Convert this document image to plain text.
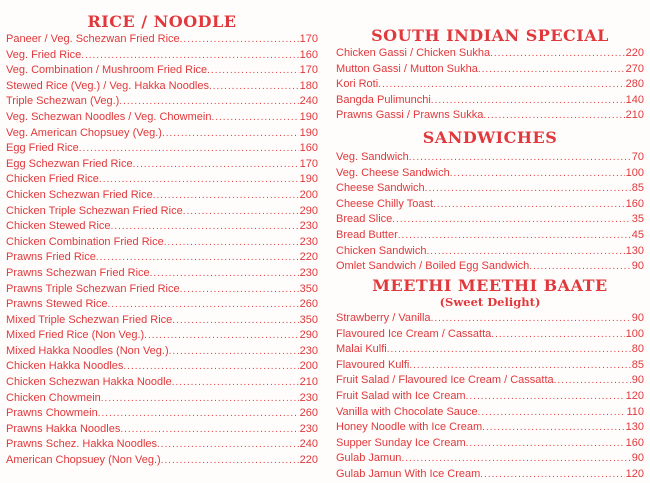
RICE / NOODLE
Paneer / Veg. Schezwan Fried Rice .....	170
Veg. Fried Rice .....	160
Veg. Combination / Mushroom Fried Rice .....	170
Stewed Rice (Veg.) / Veg. Hakka Noodles .....	180
Triple Schezwan (Veg.) .....	240
Veg. Schezwan Noodles / Veg. Chowmein .....	190
Veg. American Chopsuey (Veg.) .....	190
Egg Fried Rice .....	160
Egg Schezwan Fried Rice .....	170
Chicken Fried Rice .....	190
Chicken Schezwan Fried Rice .....	200
Chicken Triple Schezwan Fried Rice .....	290
Chicken Stewed Rice .....	230
Chicken Combination Fried Rice .....	230
Prawns Fried Rice .....	220
Prawns Schezwan Fried Rice .....	230
Prawns Triple Schezwan Fried Rice .....	350
Prawns Stewed Rice .....	260
Mixed Triple Schezwan Fried Rice .....	350
Mixed Fried Rice (Non Veg.) .....	290
Mixed Hakka Noodles (Non Veg.) .....	230
Chicken Hakka Noodles .....	200
Chicken Schezwan Hakka Noodle .....	210
Chicken Chowmein .....	230
Prawns Chowmein .....	260
Prawns Hakka Noodles .....	230
Prawns Schez. Hakka Noodles .....	240
American Chopsuey (Non Veg.) .....	220
SOUTH INDIAN SPECIAL
Chicken Gassi / Chicken Sukha .....	220
Mutton Gassi / Mutton Sukha .....	270
Kori Roti .....	280
Bangda Pulimunchi .....	140
Prawns Gassi / Prawns Sukka .....	210
SANDWICHES
Veg. Sandwich .....	70
Veg. Cheese Sandwich .....	100
Cheese Sandwich .....	85
Cheese Chilly Toast .....	160
Bread Slice .....	35
Bread Butter .....	45
Chicken Sandwich .....	130
Omlet Sandwich / Boiled Egg Sandwich .....	90
MEETHI MEETHI BAATE
(Sweet Delight)
Strawberry / Vanilla .....	90
Flavoured Ice Cream / Cassatta .....	100
Malai Kulfi .....	80
Flavoured Kulfi .....	85
Fruit Salad / Flavoured Ice Cream / Cassatta .....	90
Fruit Salad with Ice Cream .....	120
Vanilla with Chocolate Sauce .....	110
Honey Noodle with Ice Cream .....	130
Supper Sunday Ice Cream .....	160
Gulab Jamun .....	90
Gulab Jamun With Ice Cream .....	120
